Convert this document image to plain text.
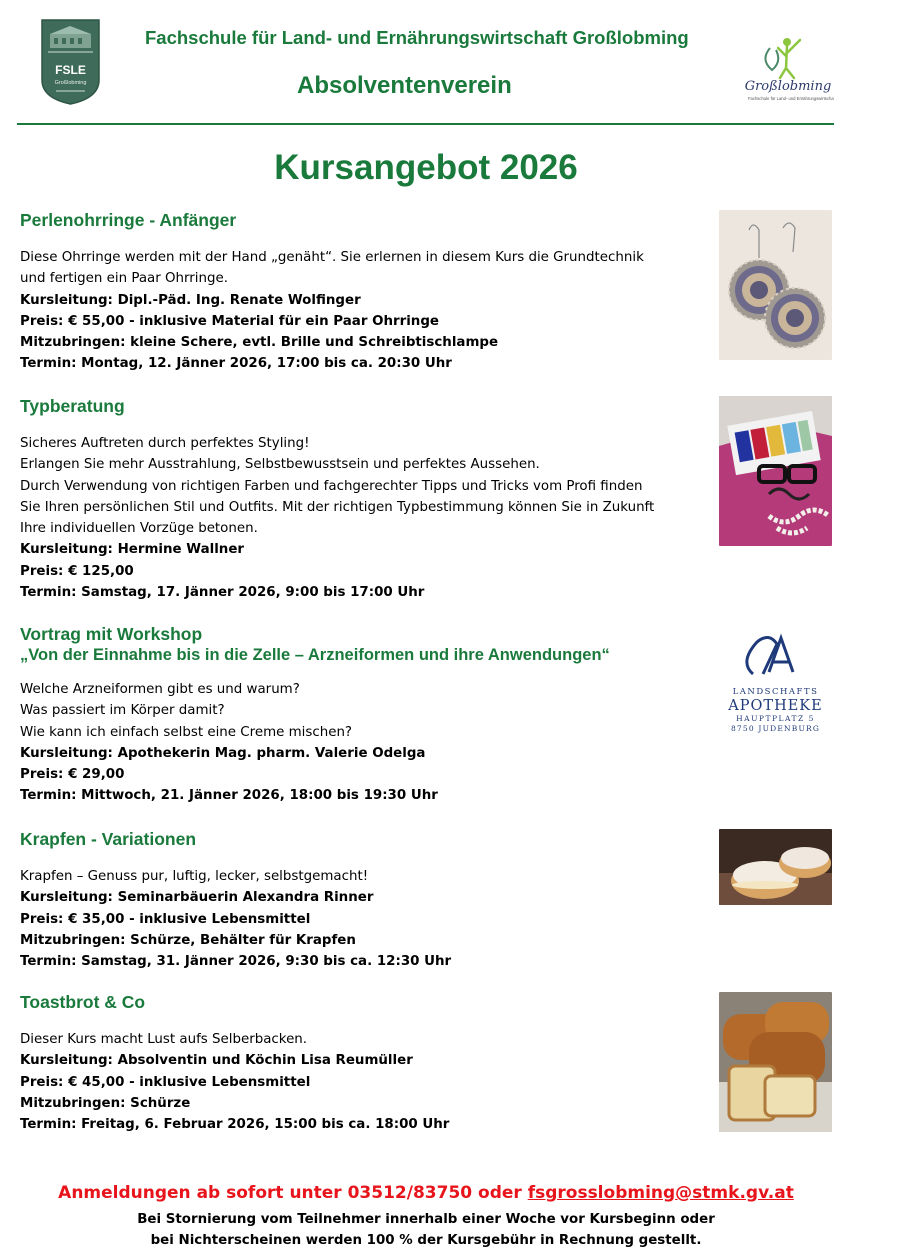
FSLE
Großlobming
Fachschule für Land- und Ernährungswirtschaft Großlobming
Absolventenverein	Großlobming
Fachschule für Land- und Ernährungswirtschaft
Kursangebot 2026
Perlenohrringe - Anfänger
Diese Ohrringe werden mit der Hand „genäht“. Sie erlernen in diesem Kurs die Grundtechnik
und fertigen ein Paar Ohrringe.
Kursleitung: Dipl.-Päd. Ing. Renate Wolfinger
Preis: € 55,00 - inklusive Material für ein Paar Ohrringe
Mitzubringen: kleine Schere, evtl. Brille und Schreibtischlampe
Termin: Montag, 12. Jänner 2026, 17:00 bis ca. 20:30 Uhr
Typberatung
Sicheres Auftreten durch perfektes Styling!
Erlangen Sie mehr Ausstrahlung, Selbstbewusstsein und perfektes Aussehen.
Durch Verwendung von richtigen Farben und fachgerechter Tipps und Tricks vom Profi finden
Sie Ihren persönlichen Stil und Outfits. Mit der richtigen Typbestimmung können Sie in Zukunft
Ihre individuellen Vorzüge betonen.
Kursleitung: Hermine Wallner
Preis: € 125,00
Termin: Samstag, 17. Jänner 2026, 9:00 bis 17:00 Uhr
Vortrag mit Workshop
„Von der Einnahme bis in die Zelle – Arzneiformen und ihre Anwendungen“
Welche Arzneiformen gibt es und warum?
Was passiert im Körper damit?
Wie kann ich einfach selbst eine Creme mischen?
Kursleitung: Apothekerin Mag. pharm. Valerie Odelga
Preis: € 29,00
Termin: Mittwoch, 21. Jänner 2026, 18:00 bis 19:30 Uhr
LANDSCHAFTS
APOTHEKE
HAUPTPLATZ 5
8750 JUDENBURG
Krapfen - Variationen
Krapfen – Genuss pur, luftig, lecker, selbstgemacht!
Kursleitung: Seminarbäuerin Alexandra Rinner
Preis: € 35,00 - inklusive Lebensmittel
Mitzubringen: Schürze, Behälter für Krapfen
Termin: Samstag, 31. Jänner 2026, 9:30 bis ca. 12:30 Uhr
Toastbrot & Co
Dieser Kurs macht Lust aufs Selberbacken.
Kursleitung: Absolventin und Köchin Lisa Reumüller
Preis: € 45,00 - inklusive Lebensmittel
Mitzubringen: Schürze
Termin: Freitag, 6. Februar 2026, 15:00 bis ca. 18:00 Uhr
Anmeldungen ab sofort unter 03512/83750 oder fsgrosslobming@stmk.gv.at
Bei Stornierung vom Teilnehmer innerhalb einer Woche vor Kursbeginn oder
bei Nichterscheinen werden 100 % der Kursgebühr in Rechnung gestellt.
